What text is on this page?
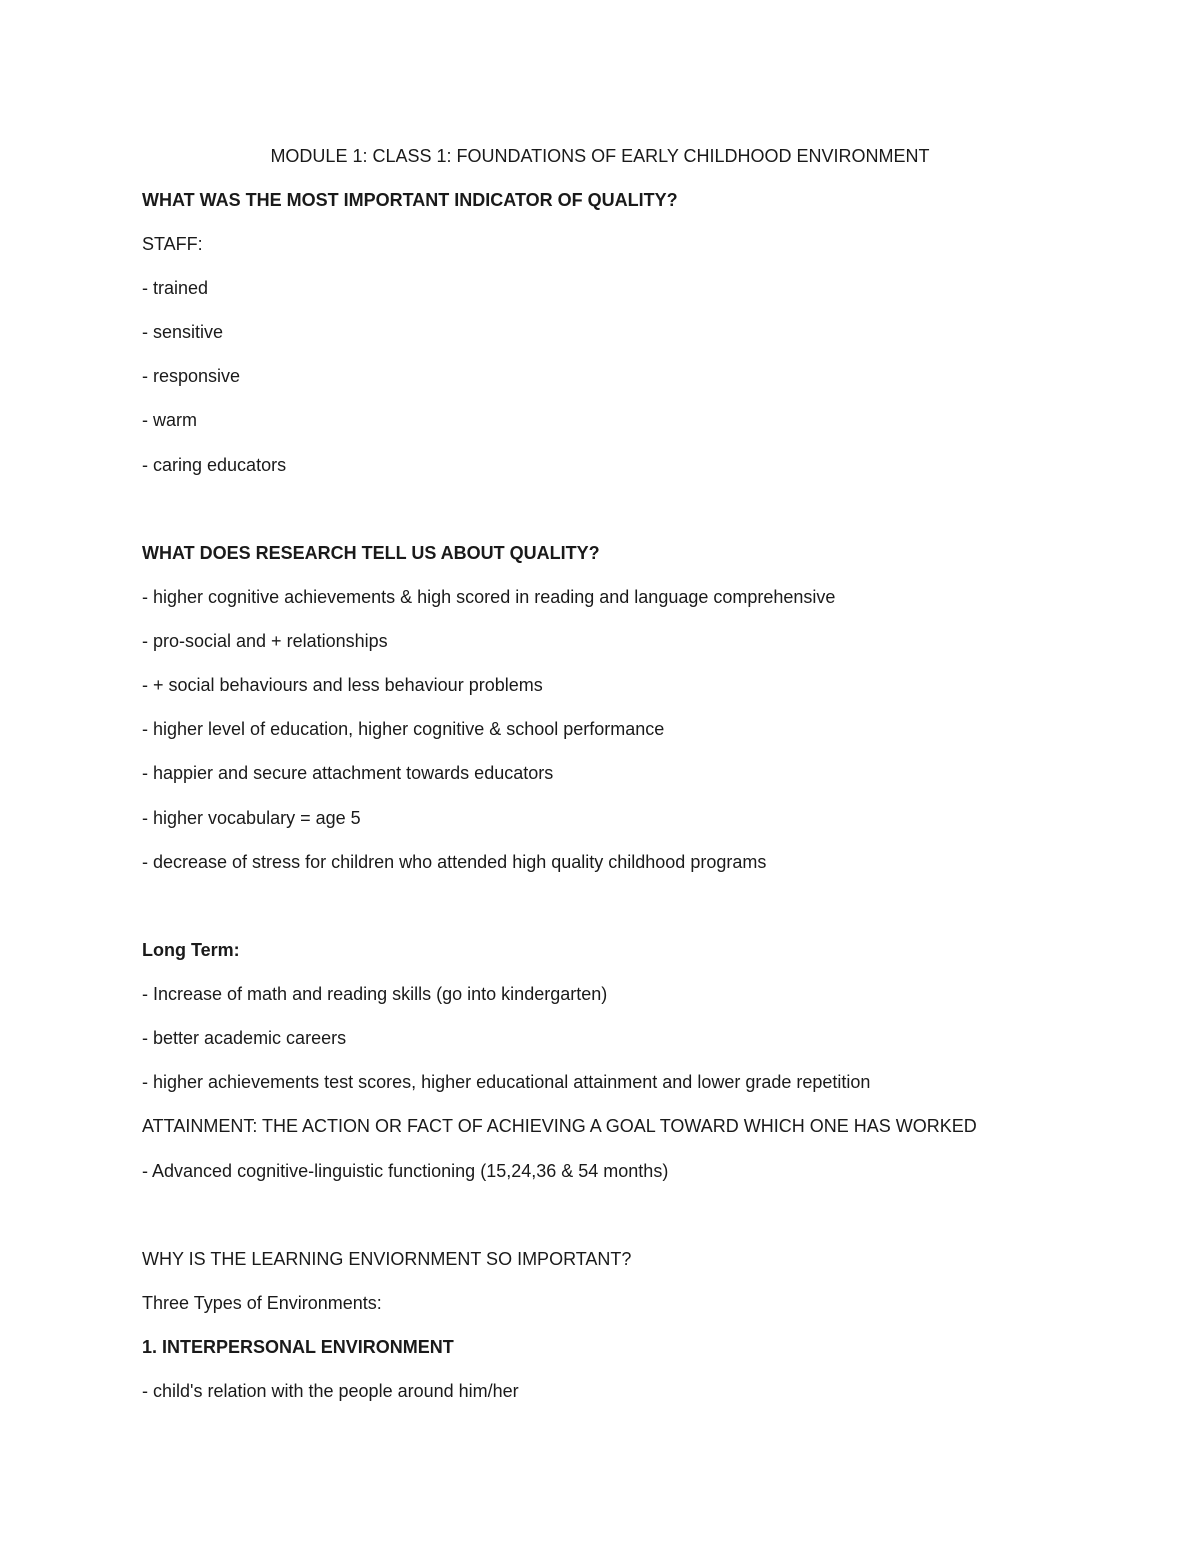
MODULE 1: CLASS 1: FOUNDATIONS OF EARLY CHILDHOOD ENVIRONMENT

WHAT WAS THE MOST IMPORTANT INDICATOR OF QUALITY?

STAFF:

- trained

- sensitive

- responsive

- warm

- caring educators

WHAT DOES RESEARCH TELL US ABOUT QUALITY?

- higher cognitive achievements & high scored in reading and language comprehensive

- pro-social and + relationships

- + social behaviours and less behaviour problems

- higher level of education, higher cognitive & school performance

- happier and secure attachment towards educators

- higher vocabulary = age 5

- decrease of stress for children who attended high quality childhood programs

Long Term:

- Increase of math and reading skills (go into kindergarten)

- better academic careers

- higher achievements test scores, higher educational attainment and lower grade repetition

ATTAINMENT: THE ACTION OR FACT OF ACHIEVING A GOAL TOWARD WHICH ONE HAS WORKED

- Advanced cognitive-linguistic functioning (15,24,36 & 54 months)

WHY IS THE LEARNING ENVIORNMENT SO IMPORTANT?

Three Types of Environments:

1. INTERPERSONAL ENVIRONMENT

- child's relation with the people around him/her
